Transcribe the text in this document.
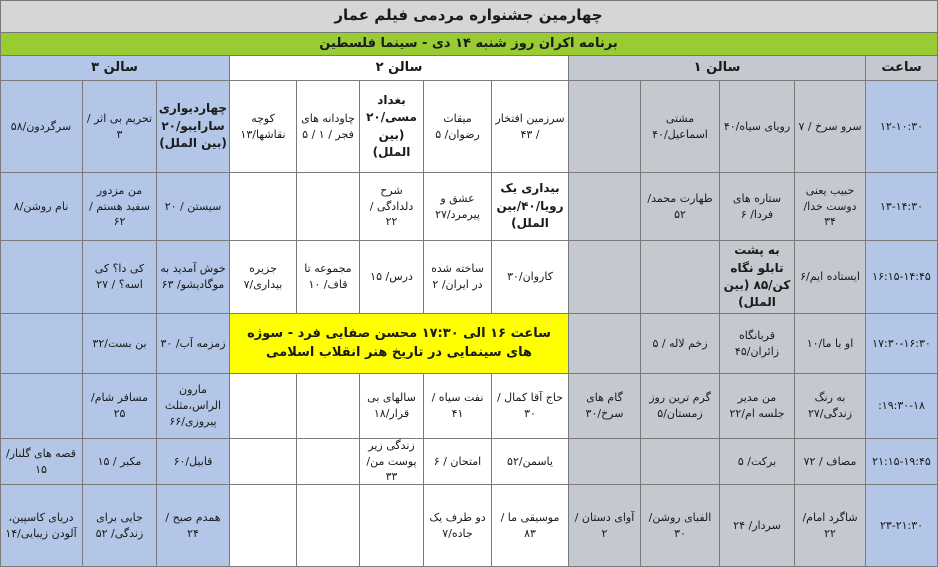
چهارمین جشنواره مردمی فیلم عمار
برنامه اکران روز شنبه ۱۴ دی - سینما فلسطین
ساعت
سالن ۱
سالن ۲
سالن ۳
۱۲-۱۰:۳۰
سرو سرخ / ۷
رویای سیاه/۴۰
مشتی اسماعیل/۴۰
سرزمین افتخار / ۴۳
میقات رضوان/ ۵
بغداد مسی/۲۰ (بین الملل)
چاودانه های فجر / ۱ / ۵
کوچه نقاشها/۱۳
چهاردیواری سارایبو/۲۰ (بین الملل)
تحریم بی اثر / ۳
سرگردون/۵۸
۱۳-۱۴:۳۰
حبیب یعنی دوست خدا/۳۴
ستاره های فردا/ ۶
طهارت محمد/ ۵۲
بیداری یک رویا/۴۰/بین الملل)
عشق و پیرمرد/۲۷
شرح دلدادگی / ۲۲
سیستن / ۲۰
من مزدور سفید هستم / ۶۲
نام روشن/۸
۱۶:۱۵-۱۴:۴۵
ایستاده ایم/۶
به پشت تابلو نگاه کن/۸۵ (بین الملل)
کاروان/۳۰
ساخته شده در ایران/ ۲
درس/ ۱۵
مجموعه تا قاف/ ۱۰
جزیره بیداری/۷
خوش آمدید به موگادیشو/ ۶۳
کی دا؟ کی اسه؟ / ۲۷
۱۷:۳۰-۱۶:۳۰
او با ما/۱۰
قربانگاه زائران/۴۵
زخم لاله / ۵
ساعت ۱۶ الی ۱۷:۳۰ محسن صفایی فرد - سوژه های سینمایی در تاریخ هنر انقلاب اسلامی
زمزمه آب/ ۳۰
بن بست/۳۲
۱۹:۳۰-۱۸:
به رنگ زندگی/۲۷
من مدیر جلسه ام/۲۲
گرم ترین روز زمستان/۵
گام های سرخ/۳۰
حاج آقا کمال / ۳۰
نفت سیاه / ۴۱
سالهای بی قرار/۱۸
مارون الراس،مثلث پیروزی/۶۶
مسافر شام/۲۵
۲۱:۱۵-۱۹:۴۵
مصاف / ۷۲
برکت/ ۵
یاسمن/۵۲
امتحان / ۶
زندگی زیر پوست من/۳۳
قابیل/۶۰
مکبر / ۱۵
قصه های گلنار/۱۵
۲۳-۲۱:۳۰
شاگرد امام/۲۲
سردار/ ۲۴
الفبای روشن/ ۳۰
آوای دستان / ۲
موسیقی ما / ۸۳
دو طرف یک جاده/۷
همدم صبح / ۲۴
جایی برای زندگی/ ۵۲
دریای کاسپین، آلودن زیبایی/۱۴
